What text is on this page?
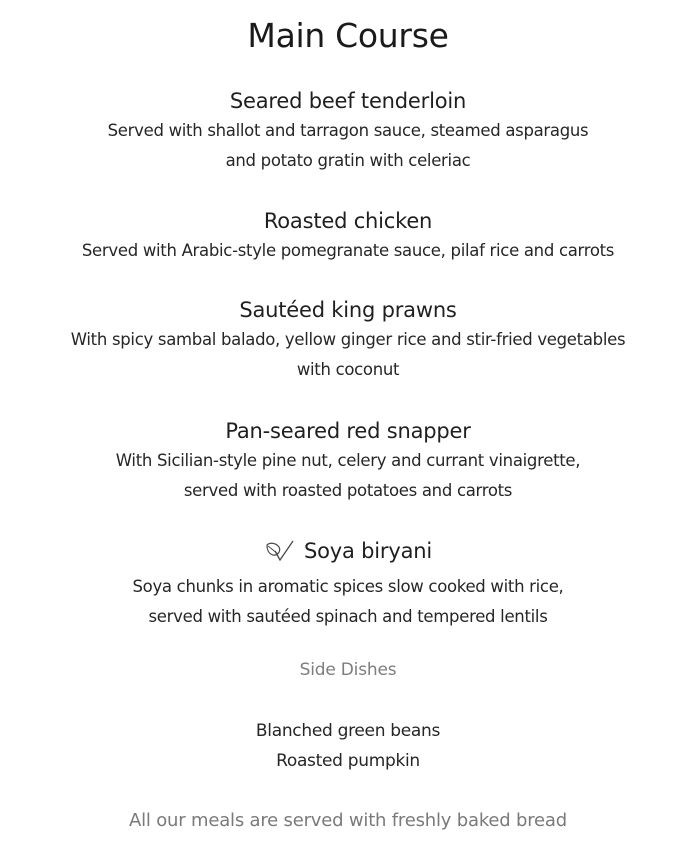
Main Course
Seared beef tenderloin
Served with shallot and tarragon sauce, steamed asparagus
and potato gratin with celeriac
Roasted chicken
Served with Arabic-style pomegranate sauce, pilaf rice and carrots
Sautéed king prawns
With spicy sambal balado, yellow ginger rice and stir-fried vegetables
with coconut
Pan-seared red snapper
With Sicilian-style pine nut, celery and currant vinaigrette,
served with roasted potatoes and carrots
Soya biryani
Soya chunks in aromatic spices slow cooked with rice,
served with sautéed spinach and tempered lentils
Side Dishes
Blanched green beans
Roasted pumpkin
All our meals are served with freshly baked bread
